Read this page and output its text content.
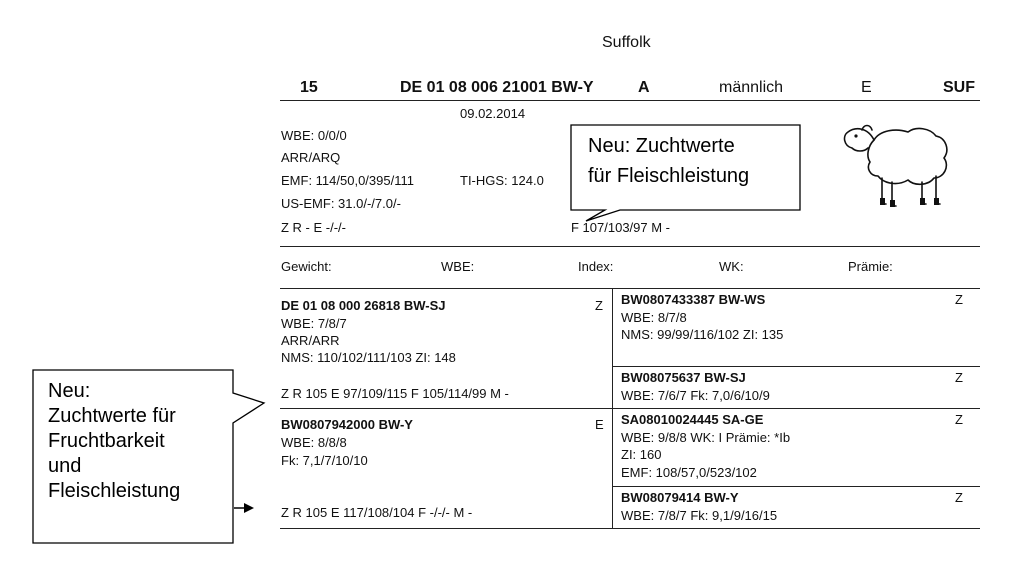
Suffolk
15	DE 01 08 006 21001 BW-Y	A	männlich	E	SUF
09.02.2014
WBE: 0/0/0
ARR/ARQ
EMF: 114/50,0/395/111	TI-HGS: 124.0
US-EMF: 31.0/-/7.0/-
Z R - E -/-/-	F 107/103/97 M -
Neu: Zuchtwerte
für Fleischleistung
Gewicht:	WBE:	Index:	WK:	Prämie:
DE 01 08 000 26818 BW-SJ	Z
WBE: 7/8/7
ARR/ARR
NMS: 110/102/111/103 ZI: 148
Z R 105 E 97/109/115 F 105/114/99 M -
BW0807433387 BW-WS	Z
WBE: 8/7/8
NMS: 99/99/116/102 ZI: 135
BW08075637 BW-SJ	Z
WBE: 7/6/7 Fk: 7,0/6/10/9
BW0807942000 BW-Y	E
WBE: 8/8/8
Fk: 7,1/7/10/10
Z R 105 E 117/108/104 F -/-/- M -
SA08010024445 SA-GE	Z
WBE: 9/8/8 WK: I Prämie: *Ib
ZI: 160
EMF: 108/57,0/523/102
BW08079414 BW-Y	Z
WBE: 7/8/7 Fk: 9,1/9/16/15
Neu:
Zuchtwerte für
Fruchtbarkeit
und
Fleischleistung
